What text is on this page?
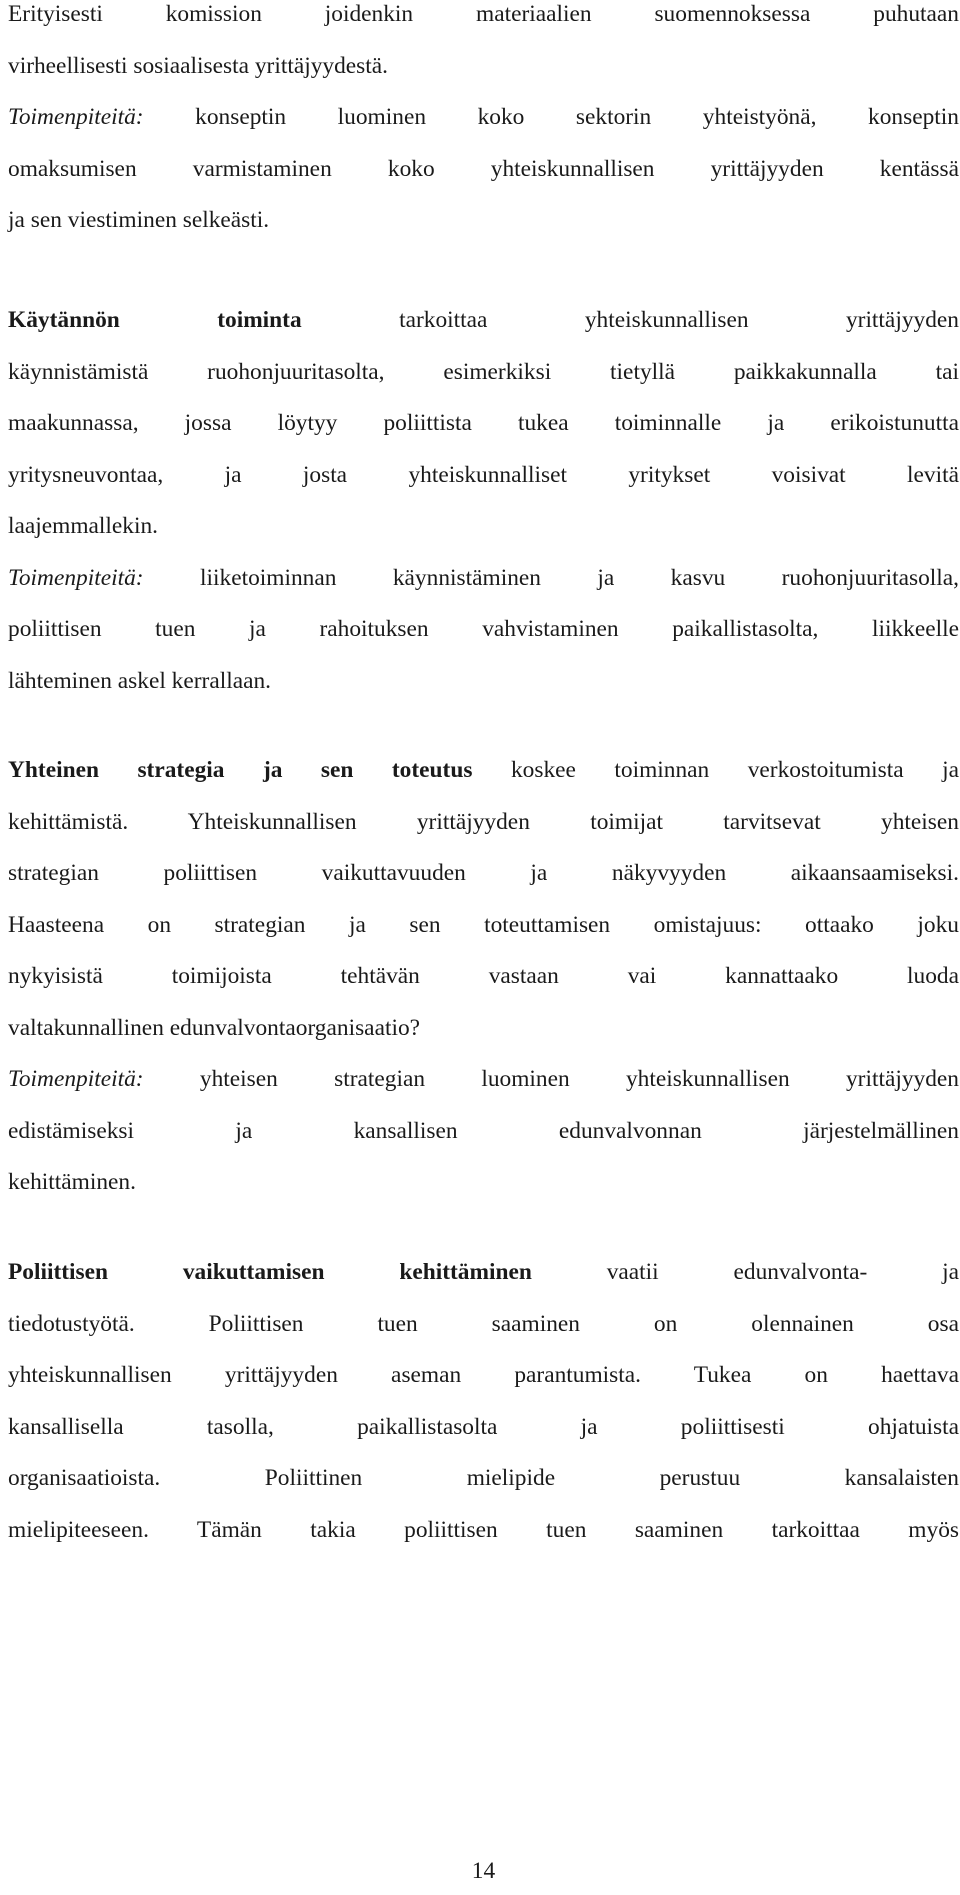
Erityisesti komission joidenkin materiaalien suomennoksessa puhutaan

virheellisesti sosiaalisesta yrittäjyydestä.

Toimenpiteitä: konseptin luominen koko sektorin yhteistyönä, konseptin

omaksumisen varmistaminen koko yhteiskunnallisen yrittäjyyden kentässä

ja sen viestiminen selkeästi.

Käytännön toiminta	tarkoittaa yhteiskunnallisen yrittäjyyden

käynnistämistä ruohonjuuritasolta, esimerkiksi tietyllä paikkakunnalla tai

maakunnassa, jossa löytyy poliittista tukea toiminnalle ja erikoistunutta

yritysneuvontaa, ja josta yhteiskunnalliset yritykset voisivat levitä

laajemmallekin.

Toimenpiteitä: liiketoiminnan käynnistäminen ja kasvu ruohonjuuritasolla,

poliittisen tuen ja rahoituksen vahvistaminen paikallistasolta, liikkeelle

lähteminen askel kerrallaan.

Yhteinen strategia ja sen toteutus koskee toiminnan verkostoitumista ja

kehittämistä. Yhteiskunnallisen yrittäjyyden toimijat tarvitsevat yhteisen

strategian poliittisen vaikuttavuuden ja näkyvyyden aikaansaamiseksi.

Haasteena on strategian ja sen toteuttamisen omistajuus: ottaako joku

nykyisistä toimijoista tehtävän vastaan vai kannattaako luoda

valtakunnallinen edunvalvontaorganisaatio?

Toimenpiteitä: yhteisen strategian luominen yhteiskunnallisen yrittäjyyden

edistämiseksi ja kansallisen edunvalvonnan järjestelmällinen

kehittäminen.

Poliittisen vaikuttamisen kehittäminen	vaatii edunvalvonta- ja

tiedotustyötä. Poliittisen tuen saaminen on olennainen osa

yhteiskunnallisen yrittäjyyden aseman parantumista. Tukea on haettava

kansallisella tasolla, paikallistasolta ja poliittisesti ohjatuista

organisaatioista. Poliittinen mielipide perustuu kansalaisten

mielipiteeseen. Tämän takia poliittisen tuen saaminen tarkoittaa myös

14
